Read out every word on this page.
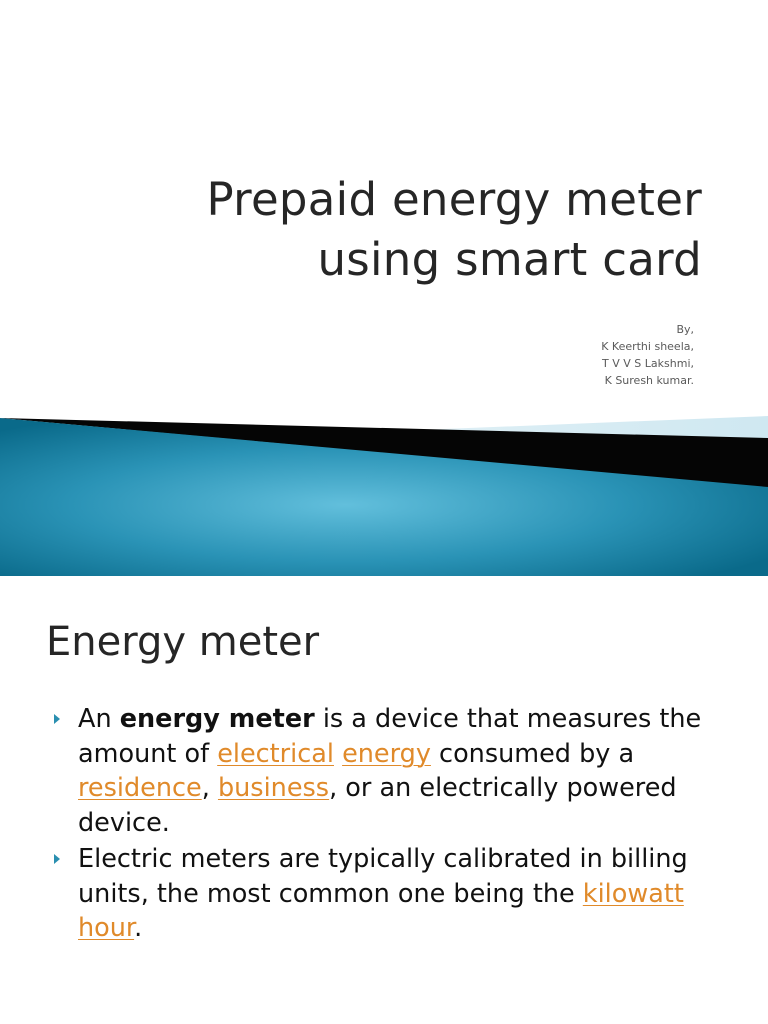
Prepaid energy meter
using smart card
By,
K Keerthi sheela,
T V V S Lakshmi,
K Suresh kumar.
Energy meter
An energy meter is a device that measures the amount of electrical energy consumed by a residence, business, or an electrically powered device.
Electric meters are typically calibrated in billing units, the most common one being the kilowatt hour.
